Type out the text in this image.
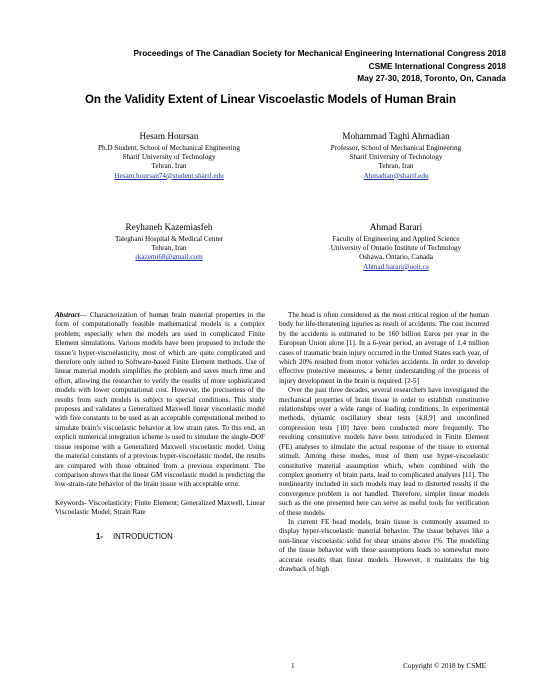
Proceedings of The Canadian Society for Mechanical Engineering International Congress 2018
CSME International Congress 2018
May 27-30, 2018, Toronto, On, Canada
On the Validity Extent of Linear Viscoelastic Models of Human Brain
Hesam Hoursan
Ph.D Student, School of Mechanical Engineering
Sharif University of Technology
Tehran, Iran
Hesam.hoursan74@student.sharif.edu
Mohammad Taghi Ahmadian
Professor, School of Mechanical Engineering
Sharif University of Technology
Tehran, Iran
Ahmadian@sharif.edu
Reyhaneh Kazemiasfeh
Taleghani Hospital & Medical Center
Tehran, Iran
rkazemi68@gmail.com
Ahmad Barari
Faculty of Engineering and Applied Science
University of Ontario Institute of Technology
Oshawa, Ontario, Canada
Ahmad.barari@uoit.ca

Abstract— Characterization of human brain material properties in the form of computationally feasible mathematical models is a complex problem; especially when the models are used in complicated Finite Element simulations. Various models have been proposed to include the tissue’s hyper-viscoelasticity, most of which are quite complicated and therefore only suited to Software-based Finite Element methods. Use of linear material models simplifies the problem and saves much time and effort, allowing the researcher to verify the results of more sophisticated models with lower computational cost. However, the preciseness of the results from such models is subject to special conditions. This study proposes and validates a Generalized Maxwell linear viscoelastic model with five constants to be used as an acceptable computational method to simulate brain’s viscoelastic behavior at low strain rates. To this end, an explicit numerical integration scheme is used to simulate the single-DOF tissue response with a Generalized Maxwell viscoelastic model. Using the material constants of a previous hyper-viscoelastic model, the results are compared with those obtained from a previous experiment. The comparison shows that the linear GM viscoelastic model is predicting the low-strain-rate behavior of the brain tissue with acceptable error.

Keywords- Viscoelasticity; Finite Element; Generalized Maxwell, Linear Viscoelastic Model; Strain Rate

1- INTRODUCTION

The head is often considered as the most critical region of the human body for life-threatening injuries as result of accidents. The cost incurred by the accidents is estimated to be 160 billion Euros per year in the European Union alone [1]. In a 6-year period, an average of 1.4 million cases of traumatic brain injury occurred in the United States each year, of which 20% resulted from motor vehicles accidents. In order to develop effective protective measures, a better understanding of the process of injury development in the brain is required. [2-5]

Over the past three decades, several researchers have investigated the mechanical properties of brain tissue in order to establish constitutive relationships over a wide range of loading conditions. In experimental methods, dynamic oscillatory shear tests [4,8,9] and unconfined compression tests [10] have been conducted more frequently. The resulting constitutive models have been introduced in Finite Element (FE) analyses to simulate the actual response of the tissue to external stimuli. Among these modes, most of them use hyper-viscoelastic constitutive material assumption which, when combined with the complex geometry of brain parts, lead to complicated analyses [11]. The nonlinearity included in such models may lead to distorted results if the convergence problem is not handled. Therefore, simpler linear models such as the one presented here can serve as useful tools for verification of these models.

In current FE head models, brain tissue is commonly assumed to display hyper-viscoelastic material behavior. The tissue behaves like a non-linear viscoelastic solid for shear strains above 1%. The modelling of the tissue behavior with these assumptions leads to somewhat more accurate results than linear models. However, it maintains the big drawback of high

1	Copyright © 2018 by CSME
